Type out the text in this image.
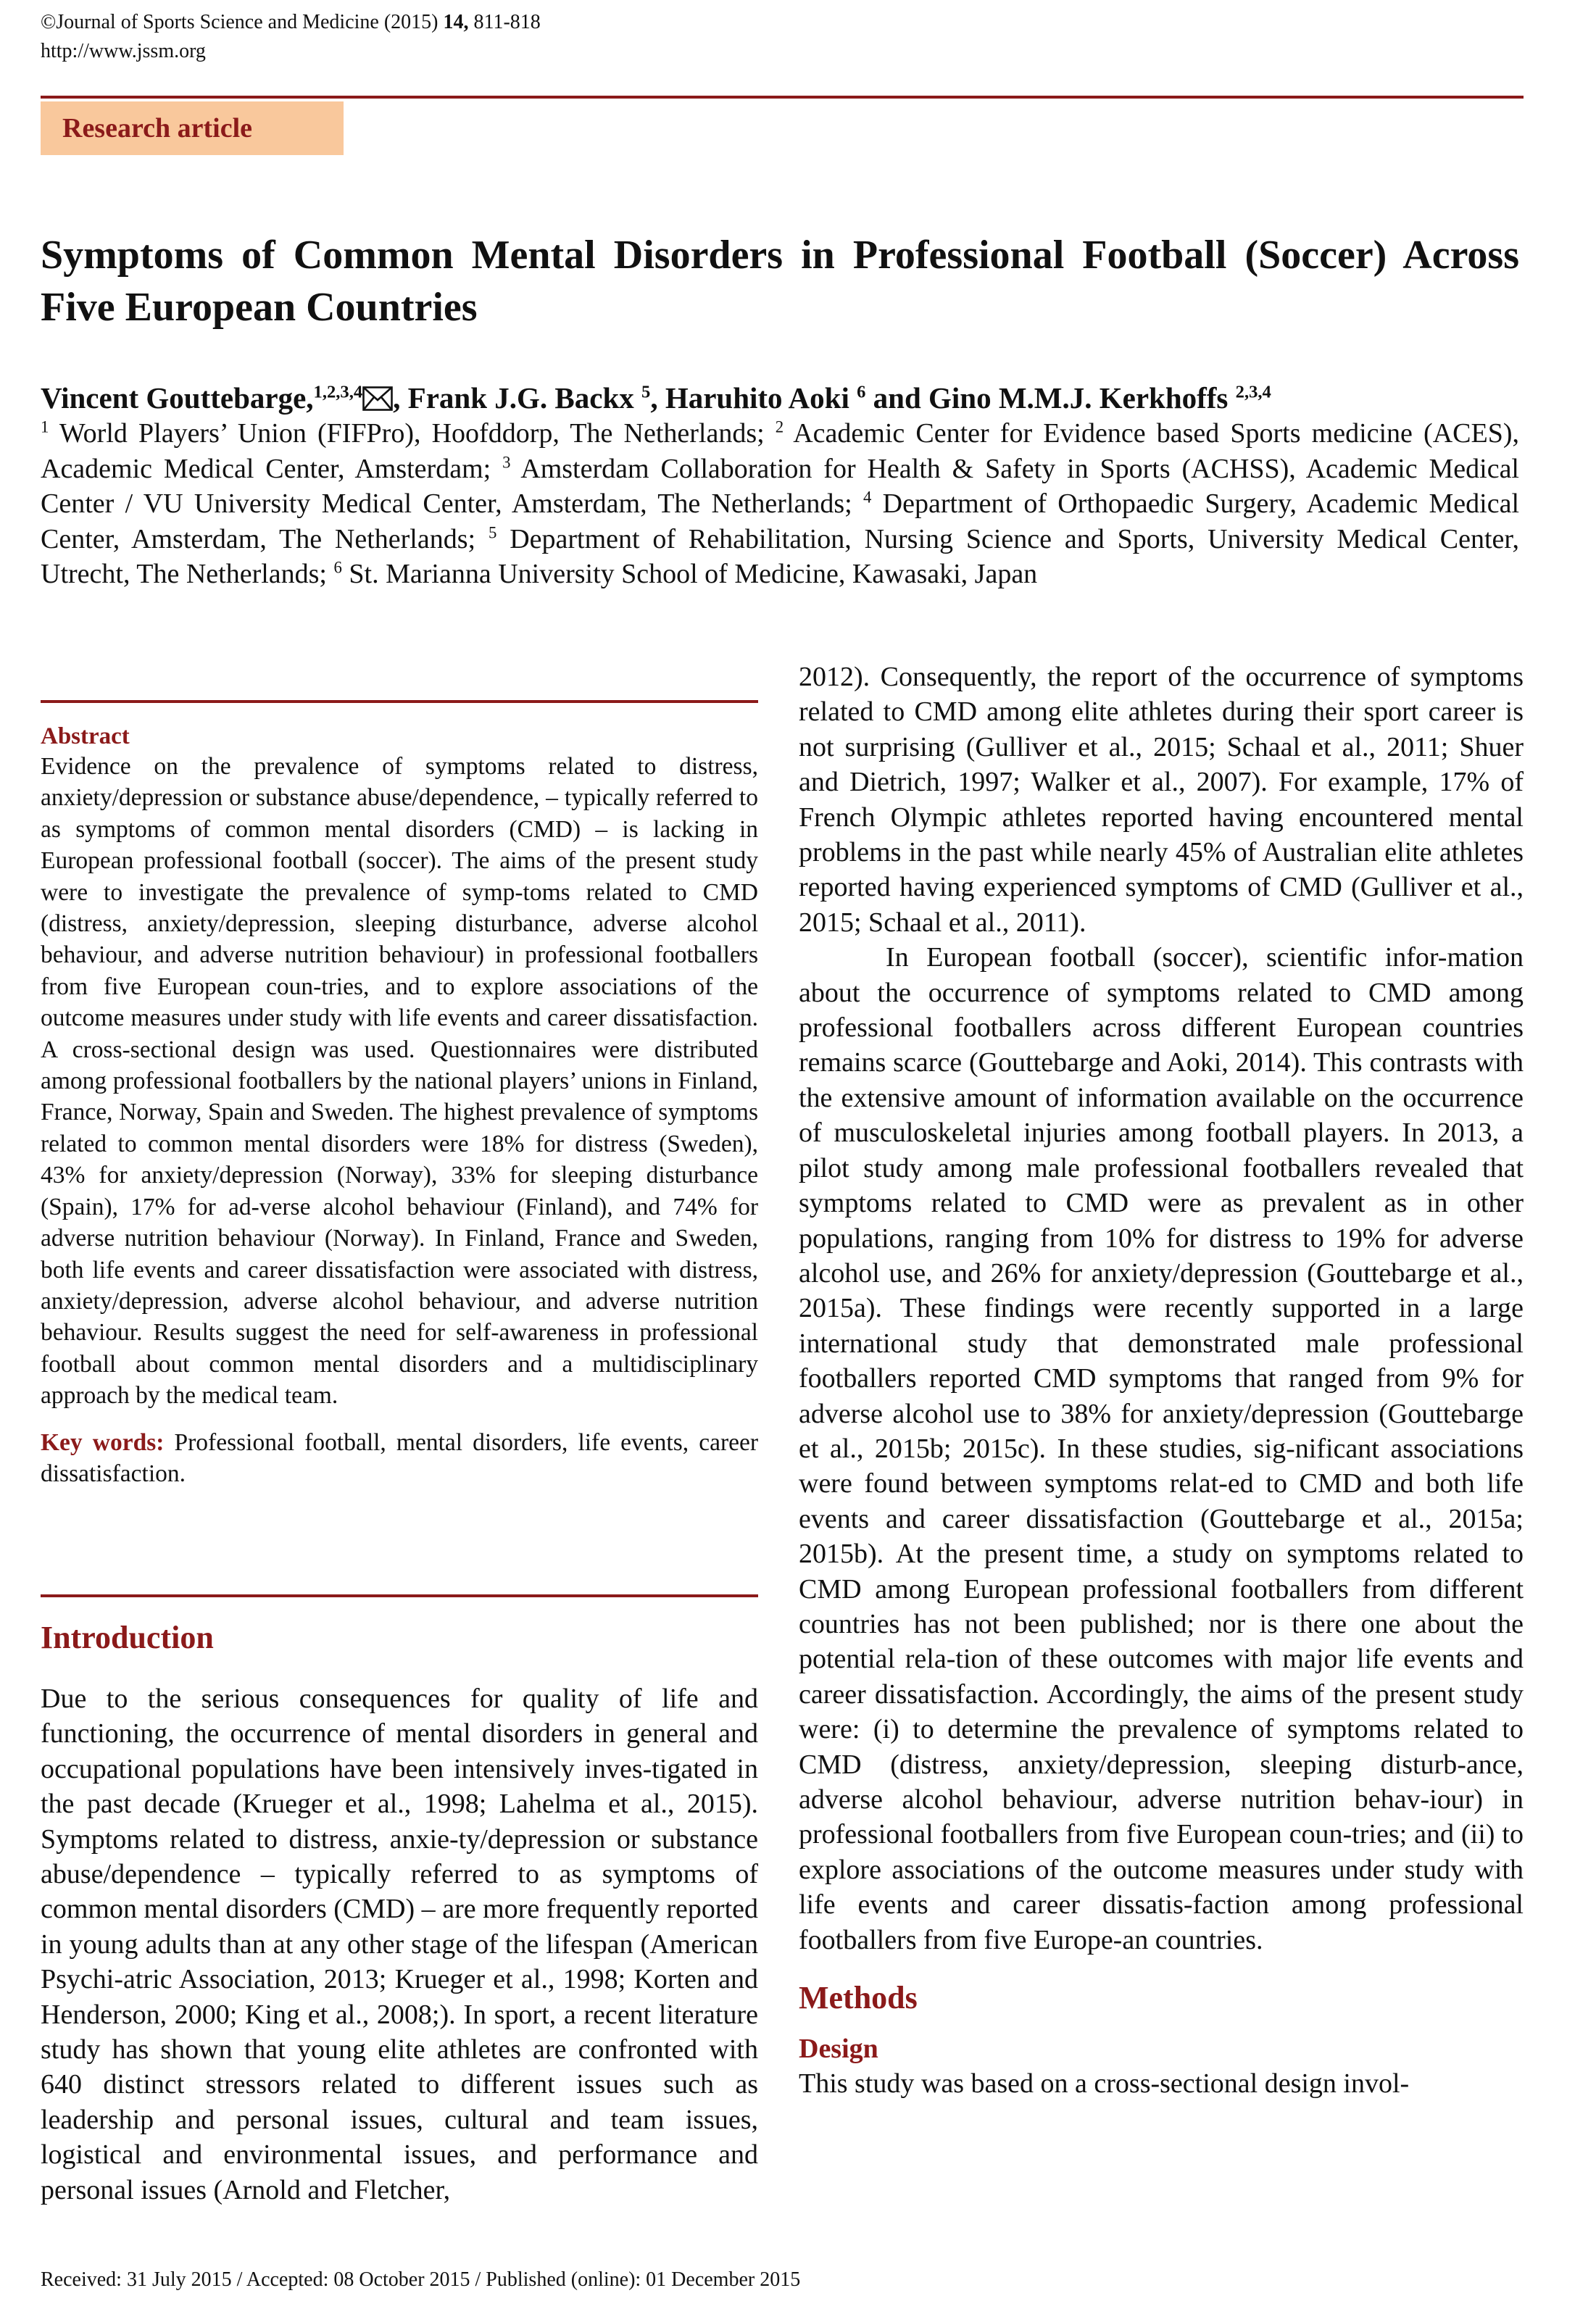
©Journal of Sports Science and Medicine (2015) 14, 811-818
http://www.jssm.org
Research article
Symptoms of Common Mental Disorders in Professional Football (Soccer) Across Five European Countries
Vincent Gouttebarge,$^{1,2,3,4}$ , Frank J.G. Backx $^5$, Haruhito Aoki $^6$ and Gino M.M.J. Kerkhoffs $^{2,3,4}$
$^1$ World Players’ Union (FIFPro), Hoofddorp, The Netherlands; $^2$ Academic Center for Evidence based Sports medicine (ACES), Academic Medical Center, Amsterdam; $^3$ Amsterdam Collaboration for Health & Safety in Sports (ACHSS), Academic Medical Center / VU University Medical Center, Amsterdam, The Netherlands; $^4$ Department of Orthopaedic Surgery, Academic Medical Center, Amsterdam, The Netherlands; $^5$ Department of Rehabilitation, Nursing Science and Sports, University Medical Center, Utrecht, The Netherlands; $^6$ St. Marianna University School of Medicine, Kawasaki, Japan
Abstract
Evidence on the prevalence of symptoms related to distress, anxiety/depression or substance abuse/dependence, – typically referred to as symptoms of common mental disorders (CMD) – is lacking in European professional football (soccer). The aims of the present study were to investigate the prevalence of symp-toms related to CMD (distress, anxiety/depression, sleeping disturbance, adverse alcohol behaviour, and adverse nutrition behaviour) in professional footballers from five European coun-tries, and to explore associations of the outcome measures under study with life events and career dissatisfaction. A cross-sectional design was used. Questionnaires were distributed among professional footballers by the national players’ unions in Finland, France, Norway, Spain and Sweden. The highest prevalence of symptoms related to common mental disorders were 18% for distress (Sweden), 43% for anxiety/depression (Norway), 33% for sleeping disturbance (Spain), 17% for ad-verse alcohol behaviour (Finland), and 74% for adverse nutrition behaviour (Norway). In Finland, France and Sweden, both life events and career dissatisfaction were associated with distress, anxiety/depression, adverse alcohol behaviour, and adverse nutrition behaviour. Results suggest the need for self-awareness in professional football about common mental disorders and a multidisciplinary approach by the medical team.
Key words: Professional football, mental disorders, life events, career dissatisfaction.
Introduction
Due to the serious consequences for quality of life and functioning, the occurrence of mental disorders in general and occupational populations have been intensively inves-tigated in the past decade (Krueger et al., 1998; Lahelma et al., 2015). Symptoms related to distress, anxie-ty/depression or substance abuse/dependence – typically referred to as symptoms of common mental disorders (CMD) – are more frequently reported in young adults than at any other stage of the lifespan (American Psychi-atric Association, 2013; Krueger et al., 1998; Korten and Henderson, 2000; King et al., 2008;). In sport, a recent literature study has shown that young elite athletes are confronted with 640 distinct stressors related to different issues such as leadership and personal issues, cultural and team issues, logistical and environmental issues, and performance and personal issues (Arnold and Fletcher,
2012). Consequently, the report of the occurrence of symptoms related to CMD among elite athletes during their sport career is not surprising (Gulliver et al., 2015; Schaal et al., 2011; Shuer and Dietrich, 1997; Walker et al., 2007). For example, 17% of French Olympic athletes reported having encountered mental problems in the past while nearly 45% of Australian elite athletes reported having experienced symptoms of CMD (Gulliver et al., 2015; Schaal et al., 2011).
In European football (soccer), scientific infor-mation about the occurrence of symptoms related to CMD among professional footballers across different European countries remains scarce (Gouttebarge and Aoki, 2014). This contrasts with the extensive amount of information available on the occurrence of musculoskeletal injuries among football players. In 2013, a pilot study among male professional footballers revealed that symptoms related to CMD were as prevalent as in other populations, ranging from 10% for distress to 19% for adverse alcohol use, and 26% for anxiety/depression (Gouttebarge et al., 2015a). These findings were recently supported in a large international study that demonstrated male professional footballers reported CMD symptoms that ranged from 9% for adverse alcohol use to 38% for anxiety/depression (Gouttebarge et al., 2015b; 2015c). In these studies, sig-nificant associations were found between symptoms relat-ed to CMD and both life events and career dissatisfaction (Gouttebarge et al., 2015a; 2015b). At the present time, a study on symptoms related to CMD among European professional footballers from different countries has not been published; nor is there one about the potential rela-tion of these outcomes with major life events and career dissatisfaction. Accordingly, the aims of the present study were: (i) to determine the prevalence of symptoms related to CMD (distress, anxiety/depression, sleeping disturb-ance, adverse alcohol behaviour, adverse nutrition behav-iour) in professional footballers from five European coun-tries; and (ii) to explore associations of the outcome measures under study with life events and career dissatis-faction among professional footballers from five Europe-an countries.
Methods
Design
This study was based on a cross-sectional design invol-
Received: 31 July 2015 / Accepted: 08 October 2015 / Published (online): 01 December 2015
